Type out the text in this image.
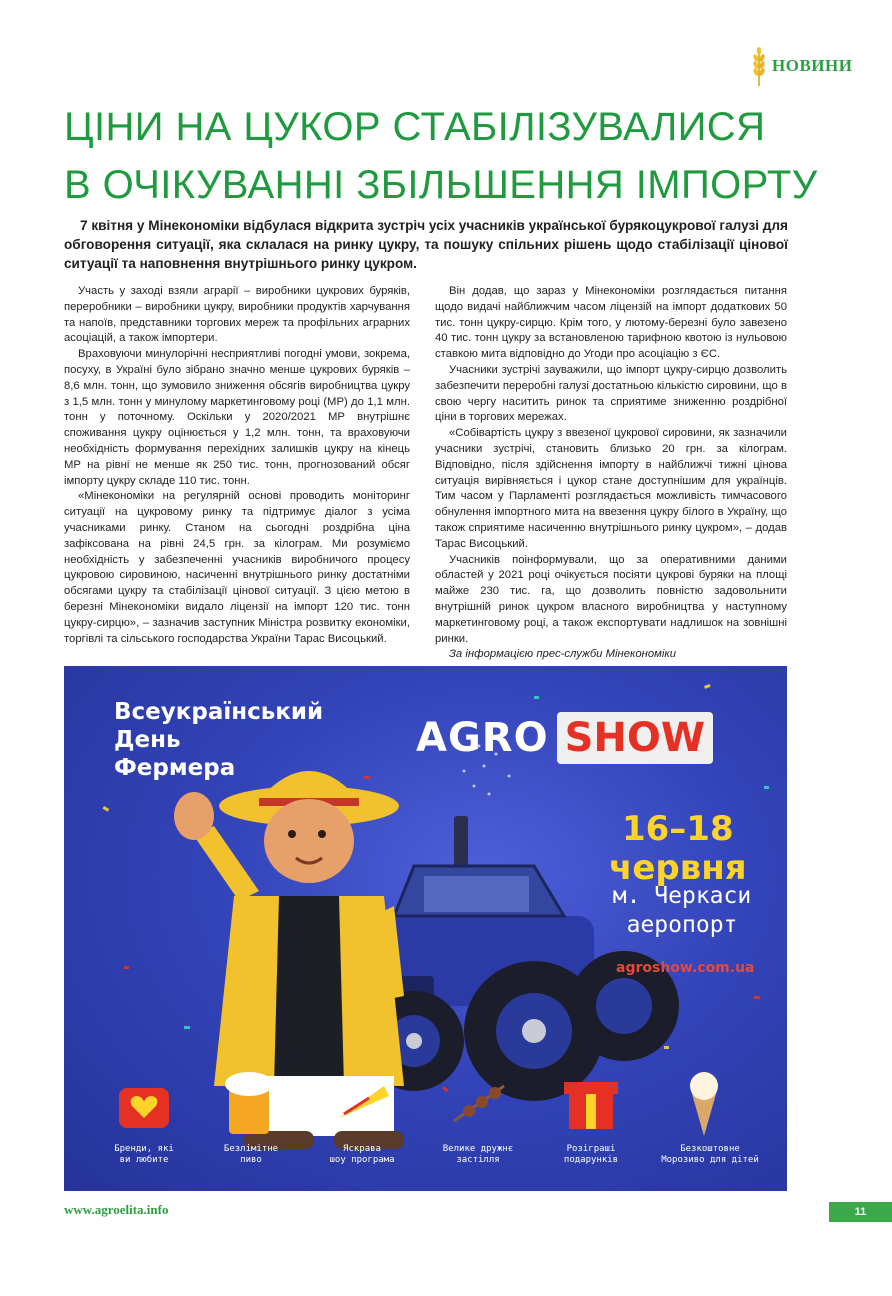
НОВИНИ
ЦІНИ НА ЦУКОР СТАБІЛІЗУВАЛИСЯ
В ОЧІКУВАННІ ЗБІЛЬШЕННЯ ІМПОРТУ

7 квітня у Мінекономіки відбулася відкрита зустріч усіх учасників української бурякоцукрової галузі для обговорення ситуації, яка склалася на ринку цукру, та пошуку спільних рішень щодо стабілізації цінової ситуації та наповнення внутрішнього ринку цукром.

Участь у заході взяли аграрії – виробники цукрових буряків, переробники – виробники цукру, виробники продуктів харчування та напоїв, представники торгових мереж та профільних аграрних асоціацій, а також імпортери.

Враховуючи минулорічні несприятливі погодні умови, зокрема, посуху, в Україні було зібрано значно менше цукрових буряків – 8,6 млн. тонн, що зумовило зниження обсягів виробництва цукру з 1,5 млн. тонн у минулому маркетинговому році (МР) до 1,1 млн. тонн у поточному. Оскільки у 2020/2021 МР внутрішнє споживання цукру оцінюється у 1,2 млн. тонн, та враховуючи необхідність формування перехідних залишків цукру на кінець МР на рівні не менше як 250 тис. тонн, прогнозований обсяг імпорту цукру складе 110 тис. тонн.

«Мінекономіки на регулярній основі проводить моніторинг ситуації на цукровому ринку та підтримує діалог з усіма учасниками ринку. Станом на сьогодні роздрібна ціна зафіксована на рівні 24,5 грн. за кілограм. Ми розуміємо необхідність у забезпеченні учасників виробничого процесу цукровою сировиною, насиченні внутрішнього ринку достатніми обсягами цукру та стабілізації цінової ситуації. З цією метою в березні Мінекономіки видало ліцензії на імпорт 120 тис. тонн цукру-сирцю», – зазначив заступник Міністра розвитку економіки, торгівлі та сільського господарства України Тарас Висоцький.

Він додав, що зараз у Мінекономіки розглядається питання щодо видачі найближчим часом ліцензій на імпорт додаткових 50 тис. тонн цукру-сирцю. Крім того, у лютому-березні було завезено 40 тис. тонн цукру за встановленою тарифною квотою із нульовою ставкою мита відповідно до Угоди про асоціацію з ЄС.

Учасники зустрічі зауважили, що імпорт цукру-сирцю дозволить забезпечити переробні галузі достатньою кількістю сировини, що в свою чергу наситить ринок та сприятиме зниженню роздрібної ціни в торгових мережах.

«Собівартість цукру з ввезеної цукрової сировини, як зазначили учасники зустрічі, становить близько 20 грн. за кілограм. Відповідно, після здійснення імпорту в найближчі тижні цінова ситуація вирівняється і цукор стане доступнішим для українців. Тим часом у Парламенті розглядається можливість тимчасового обнулення імпортного мита на ввезення цукру білого в Україну, що також сприятиме насиченню внутрішнього ринку цукром», – додав Тарас Висоцький.

Учасників поінформували, що за оперативними даними областей у 2021 році очікується посіяти цукрові буряки на площі майже 230 тис. га, що дозволить повністю задовольнити внутрішній ринок цукром власного виробництва у наступному маркетинговому році, а також експортувати надлишок на зовнішні ринки.

За інформацією прес-служби Мінекономіки

Всеукраїнський
День
Фермера
AGRO SHOW
16–18
червня
м. Черкаси
аеропорт
agroshow.com.ua
Бренди, які
ви любите
Безлімітне
пиво
Яскрава
шоу програма
Велике дружнє
застілля
Розіграші
подарунків
Безкоштовне
Морозиво для дітей
www.agroelita.info	11
